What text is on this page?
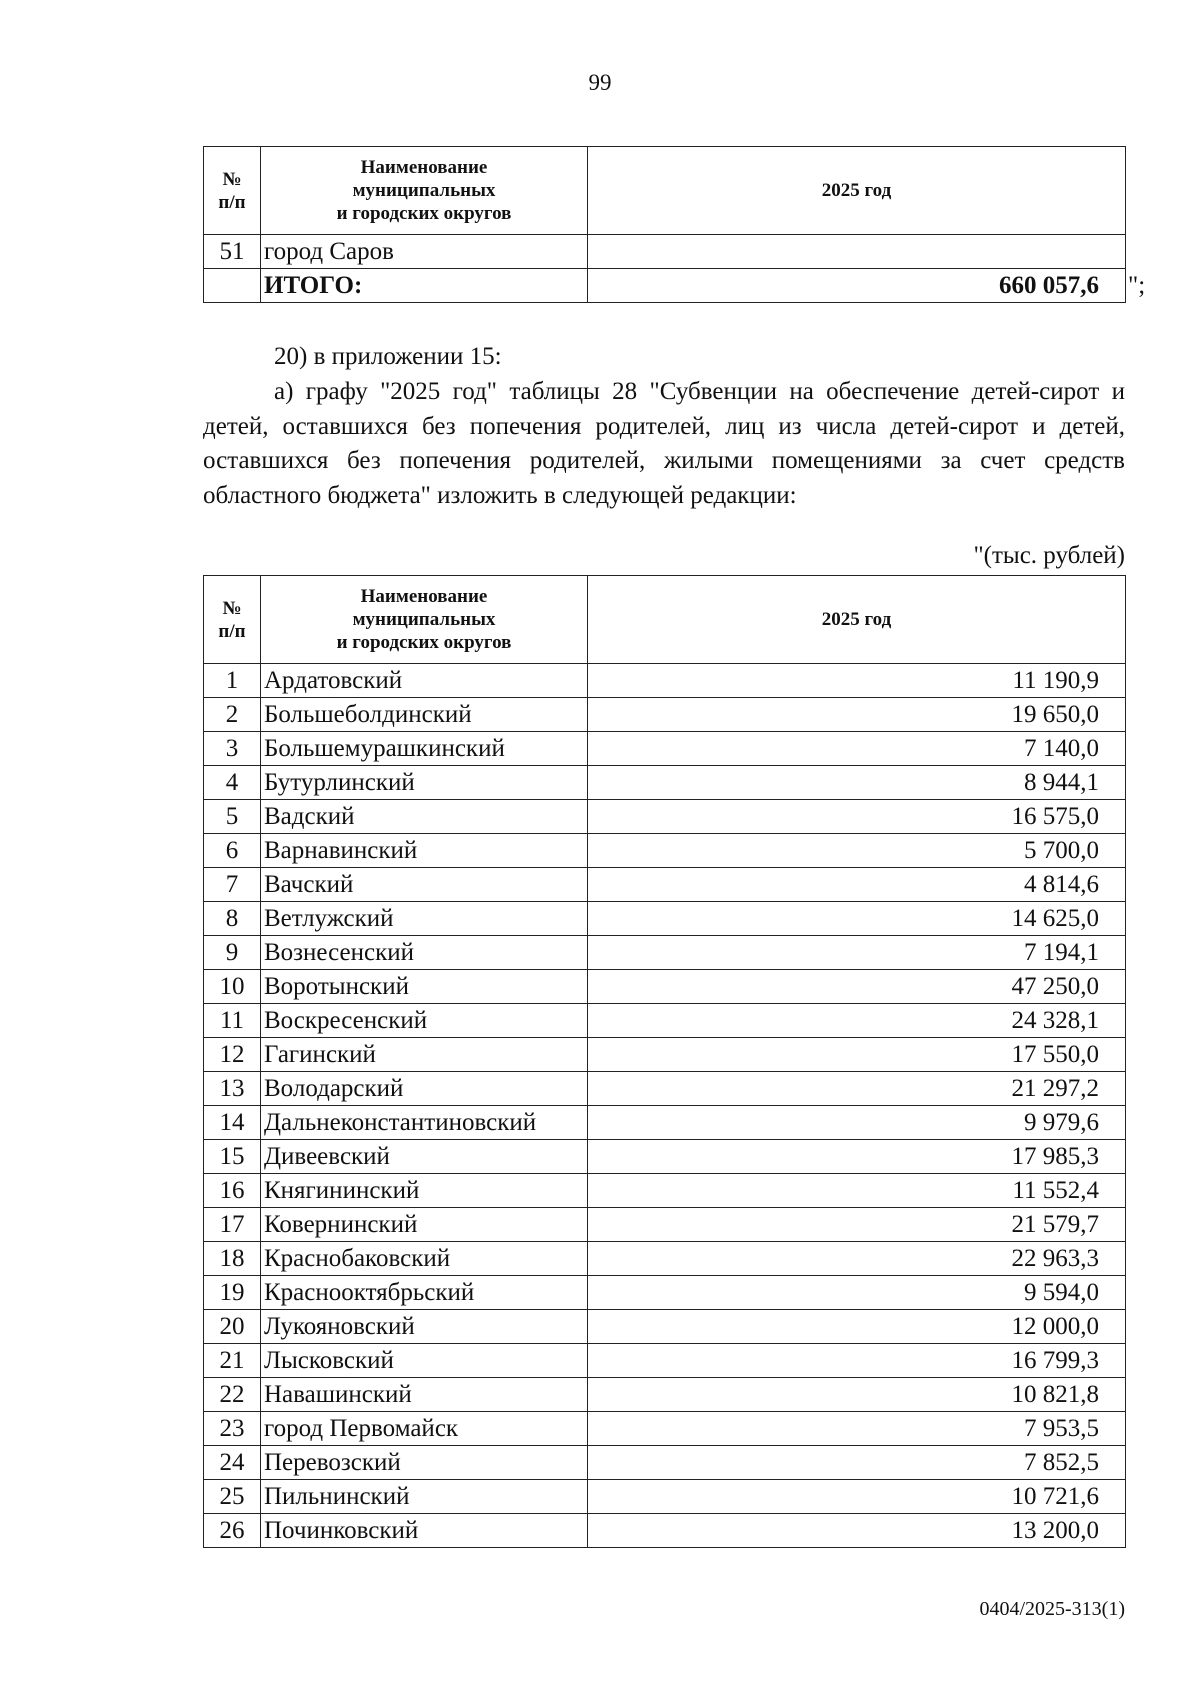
99
№
п/п	Наименование
муниципальных
и городских округов	2025 год
51	город Саров	
	ИТОГО:	660 057,6 ";
20) в приложении 15:
а) графу "2025 год" таблицы 28 "Субвенции на обеспечение детей-сирот и детей, оставшихся без попечения родителей, лиц из числа детей-сирот и детей, оставшихся без попечения родителей, жилыми помещениями за счет средств областного бюджета" изложить в следующей редакции:
"(тыс. рублей)
№
п/п	Наименование
муниципальных
и городских округов	2025 год
1	Ардатовский	11 190,9
2	Большеболдинский	19 650,0
3	Большемурашкинский	7 140,0
4	Бутурлинский	8 944,1
5	Вадский	16 575,0
6	Варнавинский	5 700,0
7	Вачский	4 814,6
8	Ветлужский	14 625,0
9	Вознесенский	7 194,1
10	Воротынский	47 250,0
11	Воскресенский	24 328,1
12	Гагинский	17 550,0
13	Володарский	21 297,2
14	Дальнеконстантиновский	9 979,6
15	Дивеевский	17 985,3
16	Княгининский	11 552,4
17	Ковернинский	21 579,7
18	Краснобаковский	22 963,3
19	Краснооктябрьский	9 594,0
20	Лукояновский	12 000,0
21	Лысковский	16 799,3
22	Навашинский	10 821,8
23	город Первомайск	7 953,5
24	Перевозский	7 852,5
25	Пильнинский	10 721,6
26	Починковский	13 200,0
0404/2025-313(1)
